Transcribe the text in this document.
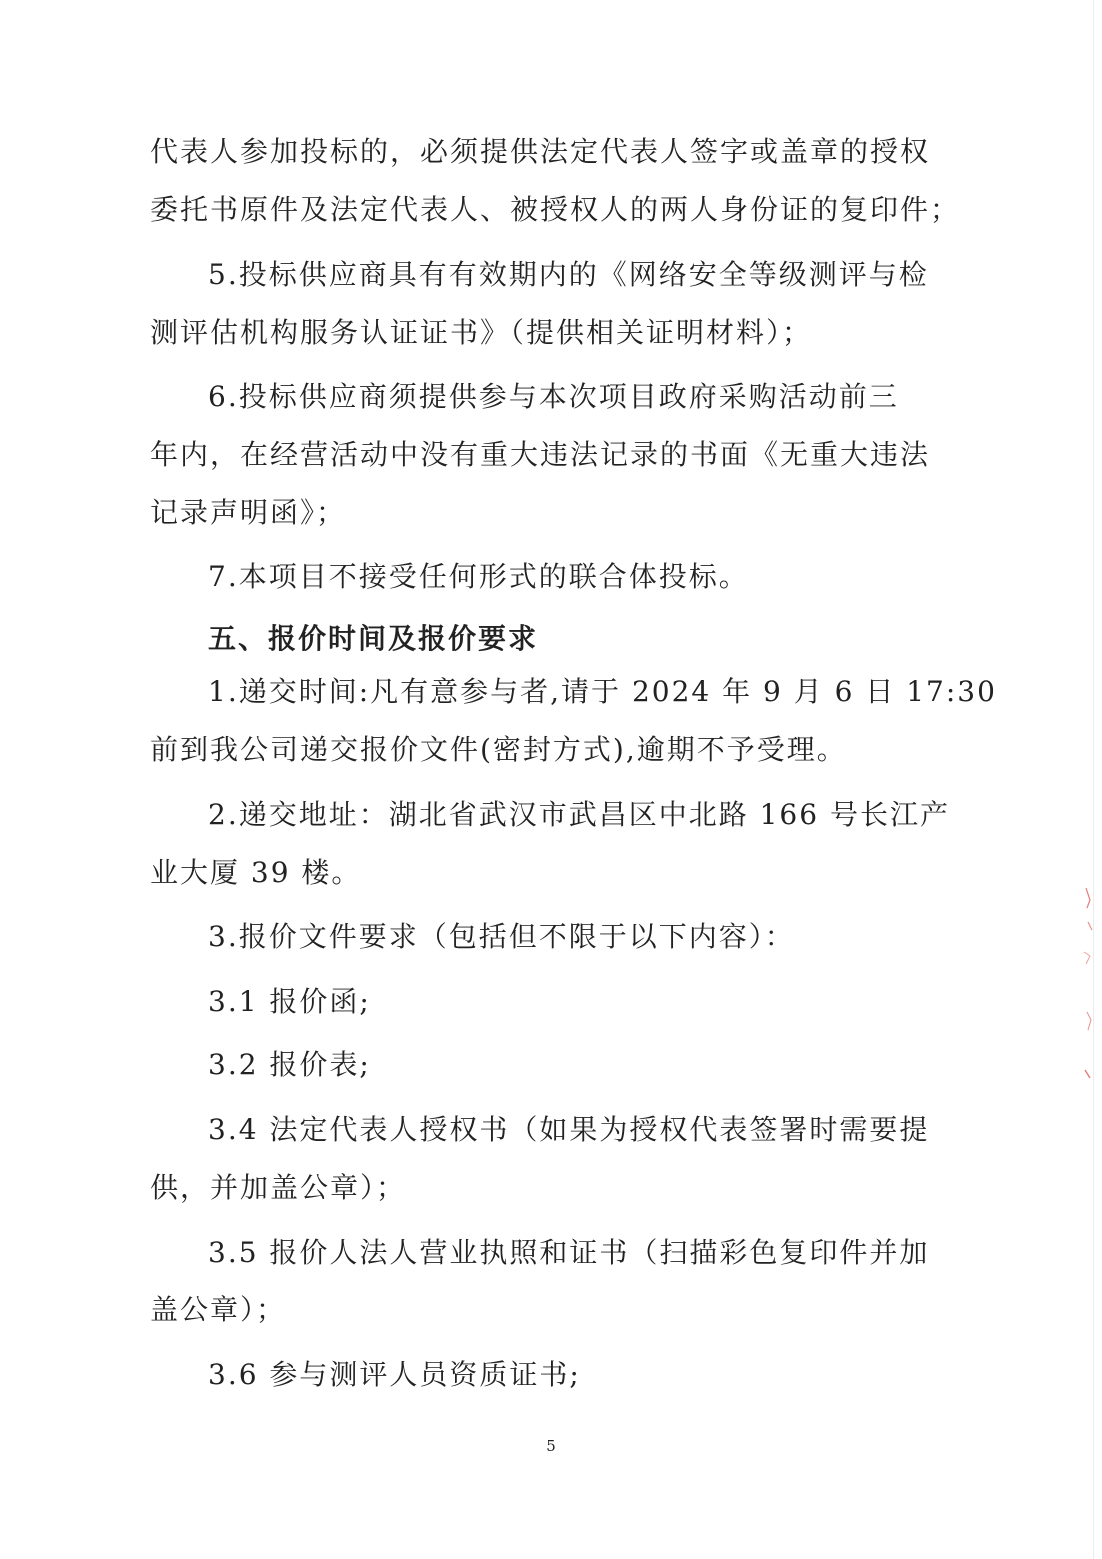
代表人参加投标的，必须提供法定代表人签字或盖章的授权
委托书原件及法定代表人、被授权人的两人身份证的复印件；
5.投标供应商具有有效期内的《网络安全等级测评与检
测评估机构服务认证证书》（提供相关证明材料）；
6.投标供应商须提供参与本次项目政府采购活动前三
年内，在经营活动中没有重大违法记录的书面《无重大违法
记录声明函》；
7.本项目不接受任何形式的联合体投标。
五、报价时间及报价要求
1.递交时间:凡有意参与者,请于 2024 年 9 月 6 日 17:30
前到我公司递交报价文件(密封方式),逾期不予受理。
2.递交地址：湖北省武汉市武昌区中北路 166 号长江产
业大厦 39 楼。
3.报价文件要求（包括但不限于以下内容）：
3.1 报价函;
3.2 报价表;
3.4 法定代表人授权书（如果为授权代表签署时需要提
供，并加盖公章）；
3.5 报价人法人营业执照和证书（扫描彩色复印件并加
盖公章）；
3.6 参与测评人员资质证书;
5
